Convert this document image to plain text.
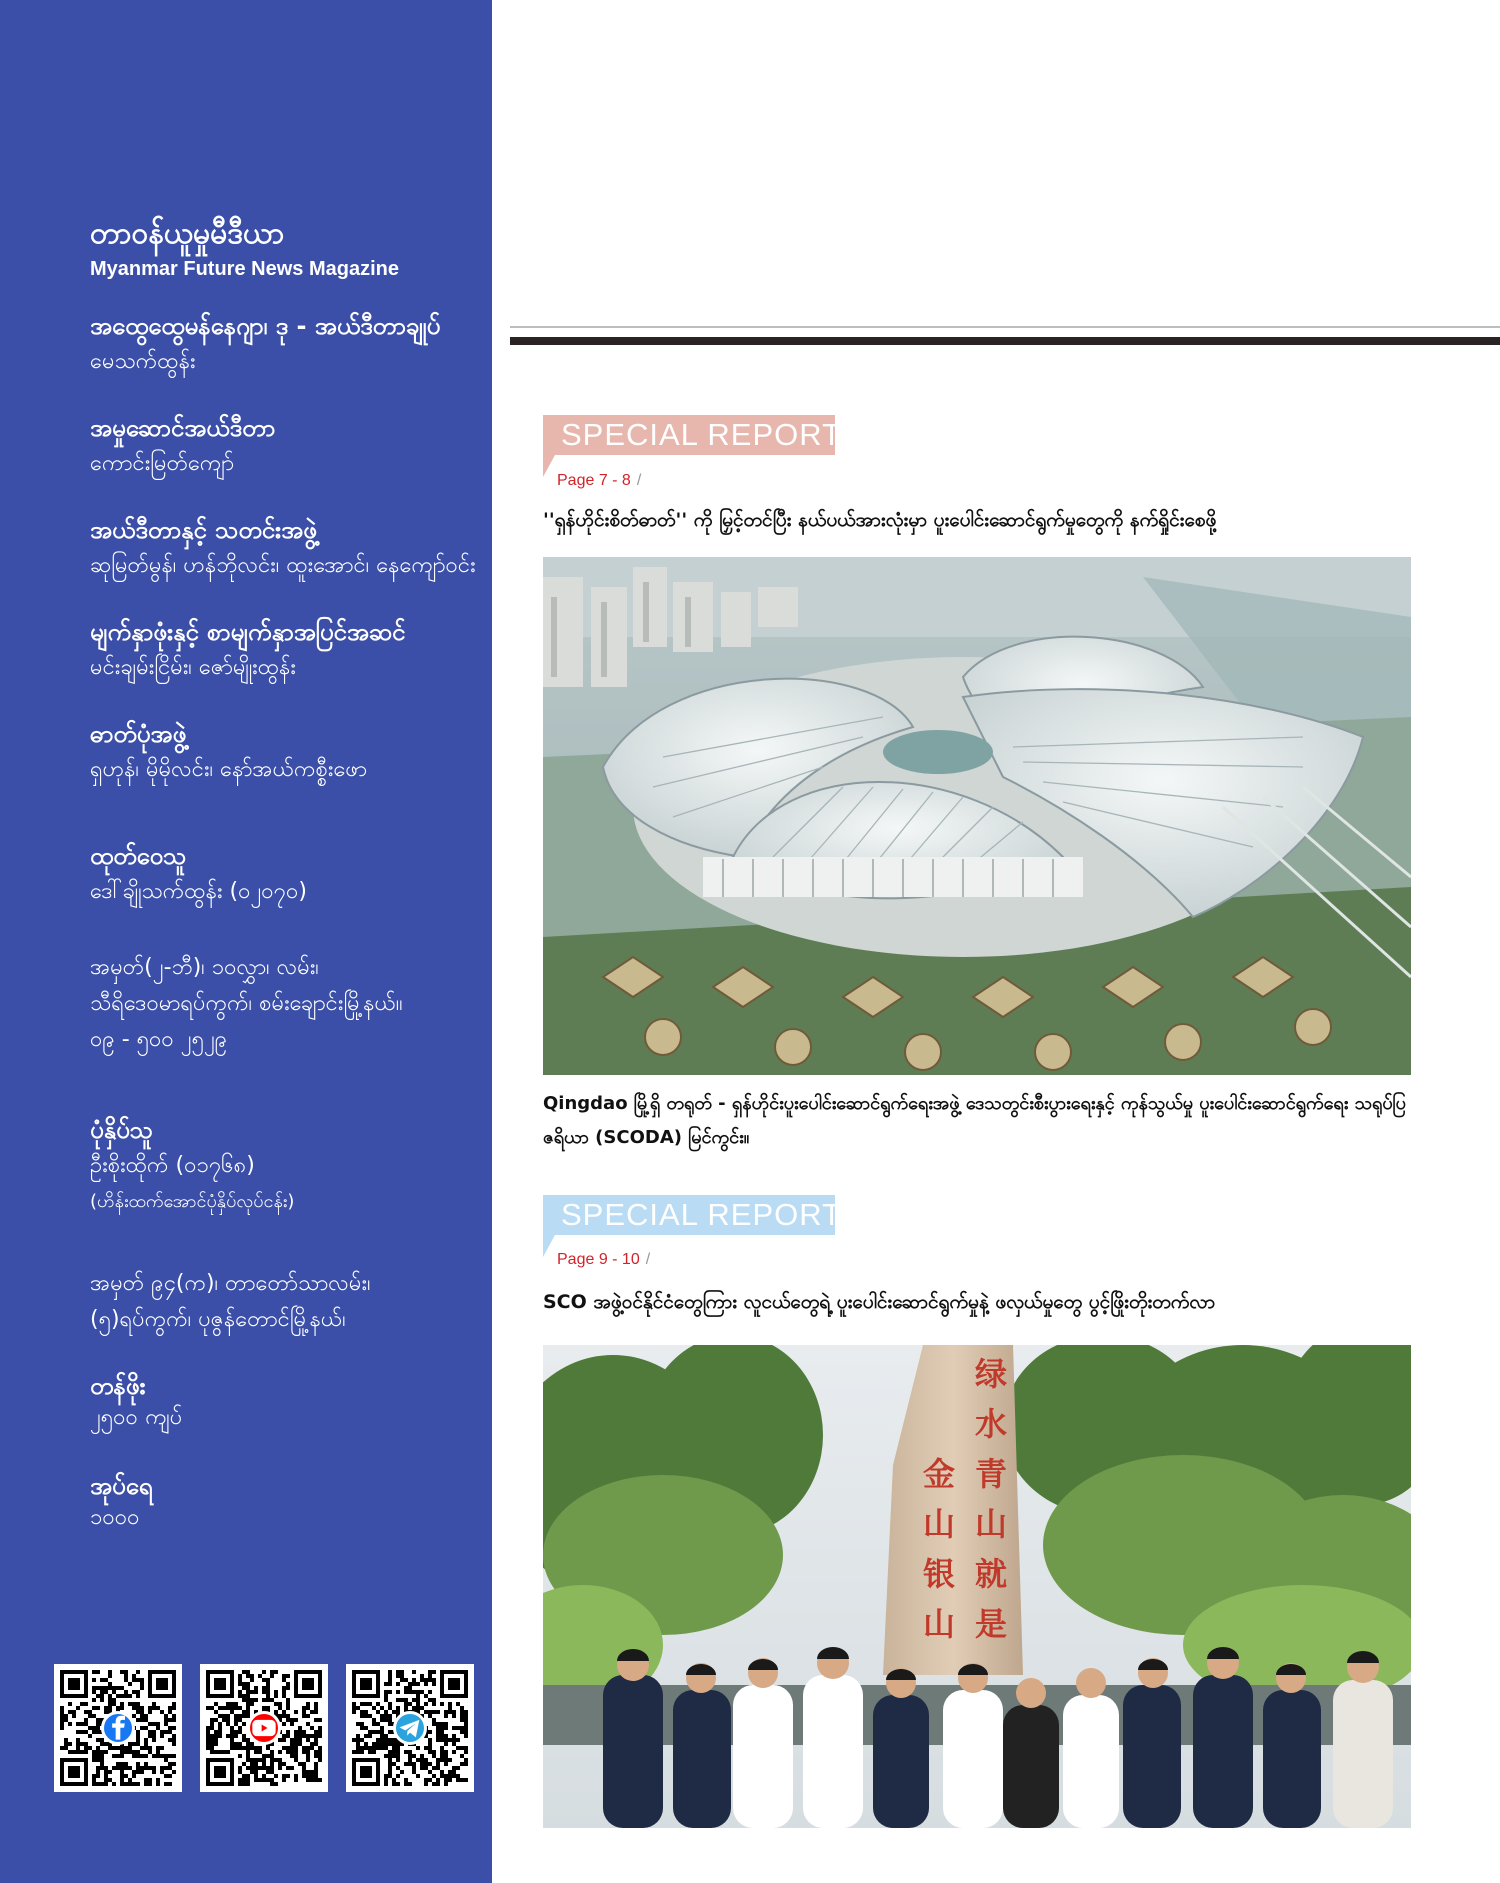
တာဝန်ယူမှုမီဒီယာ
Myanmar Future News Magazine
အထွေထွေမန်နေဂျာ၊ ဒု - အယ်ဒီတာချုပ်
မေသက်ထွန်း
အမှုဆောင်အယ်ဒီတာ
ကောင်းမြတ်ကျော်
အယ်ဒီတာနှင့် သတင်းအဖွဲ့
ဆုမြတ်မွန်၊ ဟန်ဘိုလင်း၊ ထူးအောင်၊ နေကျော်ဝင်း
မျက်နှာဖုံးနှင့် စာမျက်နှာအပြင်အဆင်
မင်းချမ်းငြိမ်း၊ ဇော်မျိုးထွန်း
ဓာတ်ပုံအဖွဲ့
ရှဟုန်၊ မိုမိုလင်း၊ နော်အယ်ကစ္စီးဖော
ထုတ်ဝေသူ
ဒေါ်ချိုသက်ထွန်း (၀၂၀၇၀)
အမှတ်(၂-ဘီ)၊ ၁၀လွှာ၊ လမ်း၊
သီရိဒေဝမာရပ်ကွက်၊ စမ်းချောင်းမြို့နယ်။
၀၉ - ၅၀၀ ၂၅၂၉
ပုံနှိပ်သူ
ဦးစိုးထိုက် (၀၁၇၆၈)
(ဟိန်းထက်အောင်ပုံနှိပ်လုပ်ငန်း)
အမှတ် ၉၄(က)၊ တာတော်သာလမ်း၊
(၅)ရပ်ကွက်၊ ပုဇွန်တောင်မြို့နယ်၊
တန်ဖိုး
၂၅၀၀ ကျပ်
အုပ်ရေ
၁၀၀၀
SPECIAL REPORT
Page 7 - 8 /
''ရှန်ဟိုင်းစိတ်ဓာတ်'' ကို မြှင့်တင်ပြီး နယ်ပယ်အားလုံးမှာ ပူးပေါင်းဆောင်ရွက်မှုတွေကို နက်ရှိုင်းစေဖို့
Qingdao မြို့ရှိ တရုတ် - ရှန်ဟိုင်းပူးပေါင်းဆောင်ရွက်ရေးအဖွဲ့ ဒေသတွင်းစီးပွားရေးနှင့် ကုန်သွယ်မှု ပူးပေါင်းဆောင်ရွက်ရေး သရုပ်ပြဇရိယာ (SCODA) မြင်ကွင်း။
SPECIAL REPORT
Page 9 - 10 /
SCO အဖွဲ့ဝင်နိုင်ငံတွေကြား လူငယ်တွေရဲ့ ပူးပေါင်းဆောင်ရွက်မှုနဲ့ ဖလှယ်မှုတွေ ပွင့်ဖြိုးတိုးတက်လာ
绿
水
青
山
就
是
金
山
银
山
